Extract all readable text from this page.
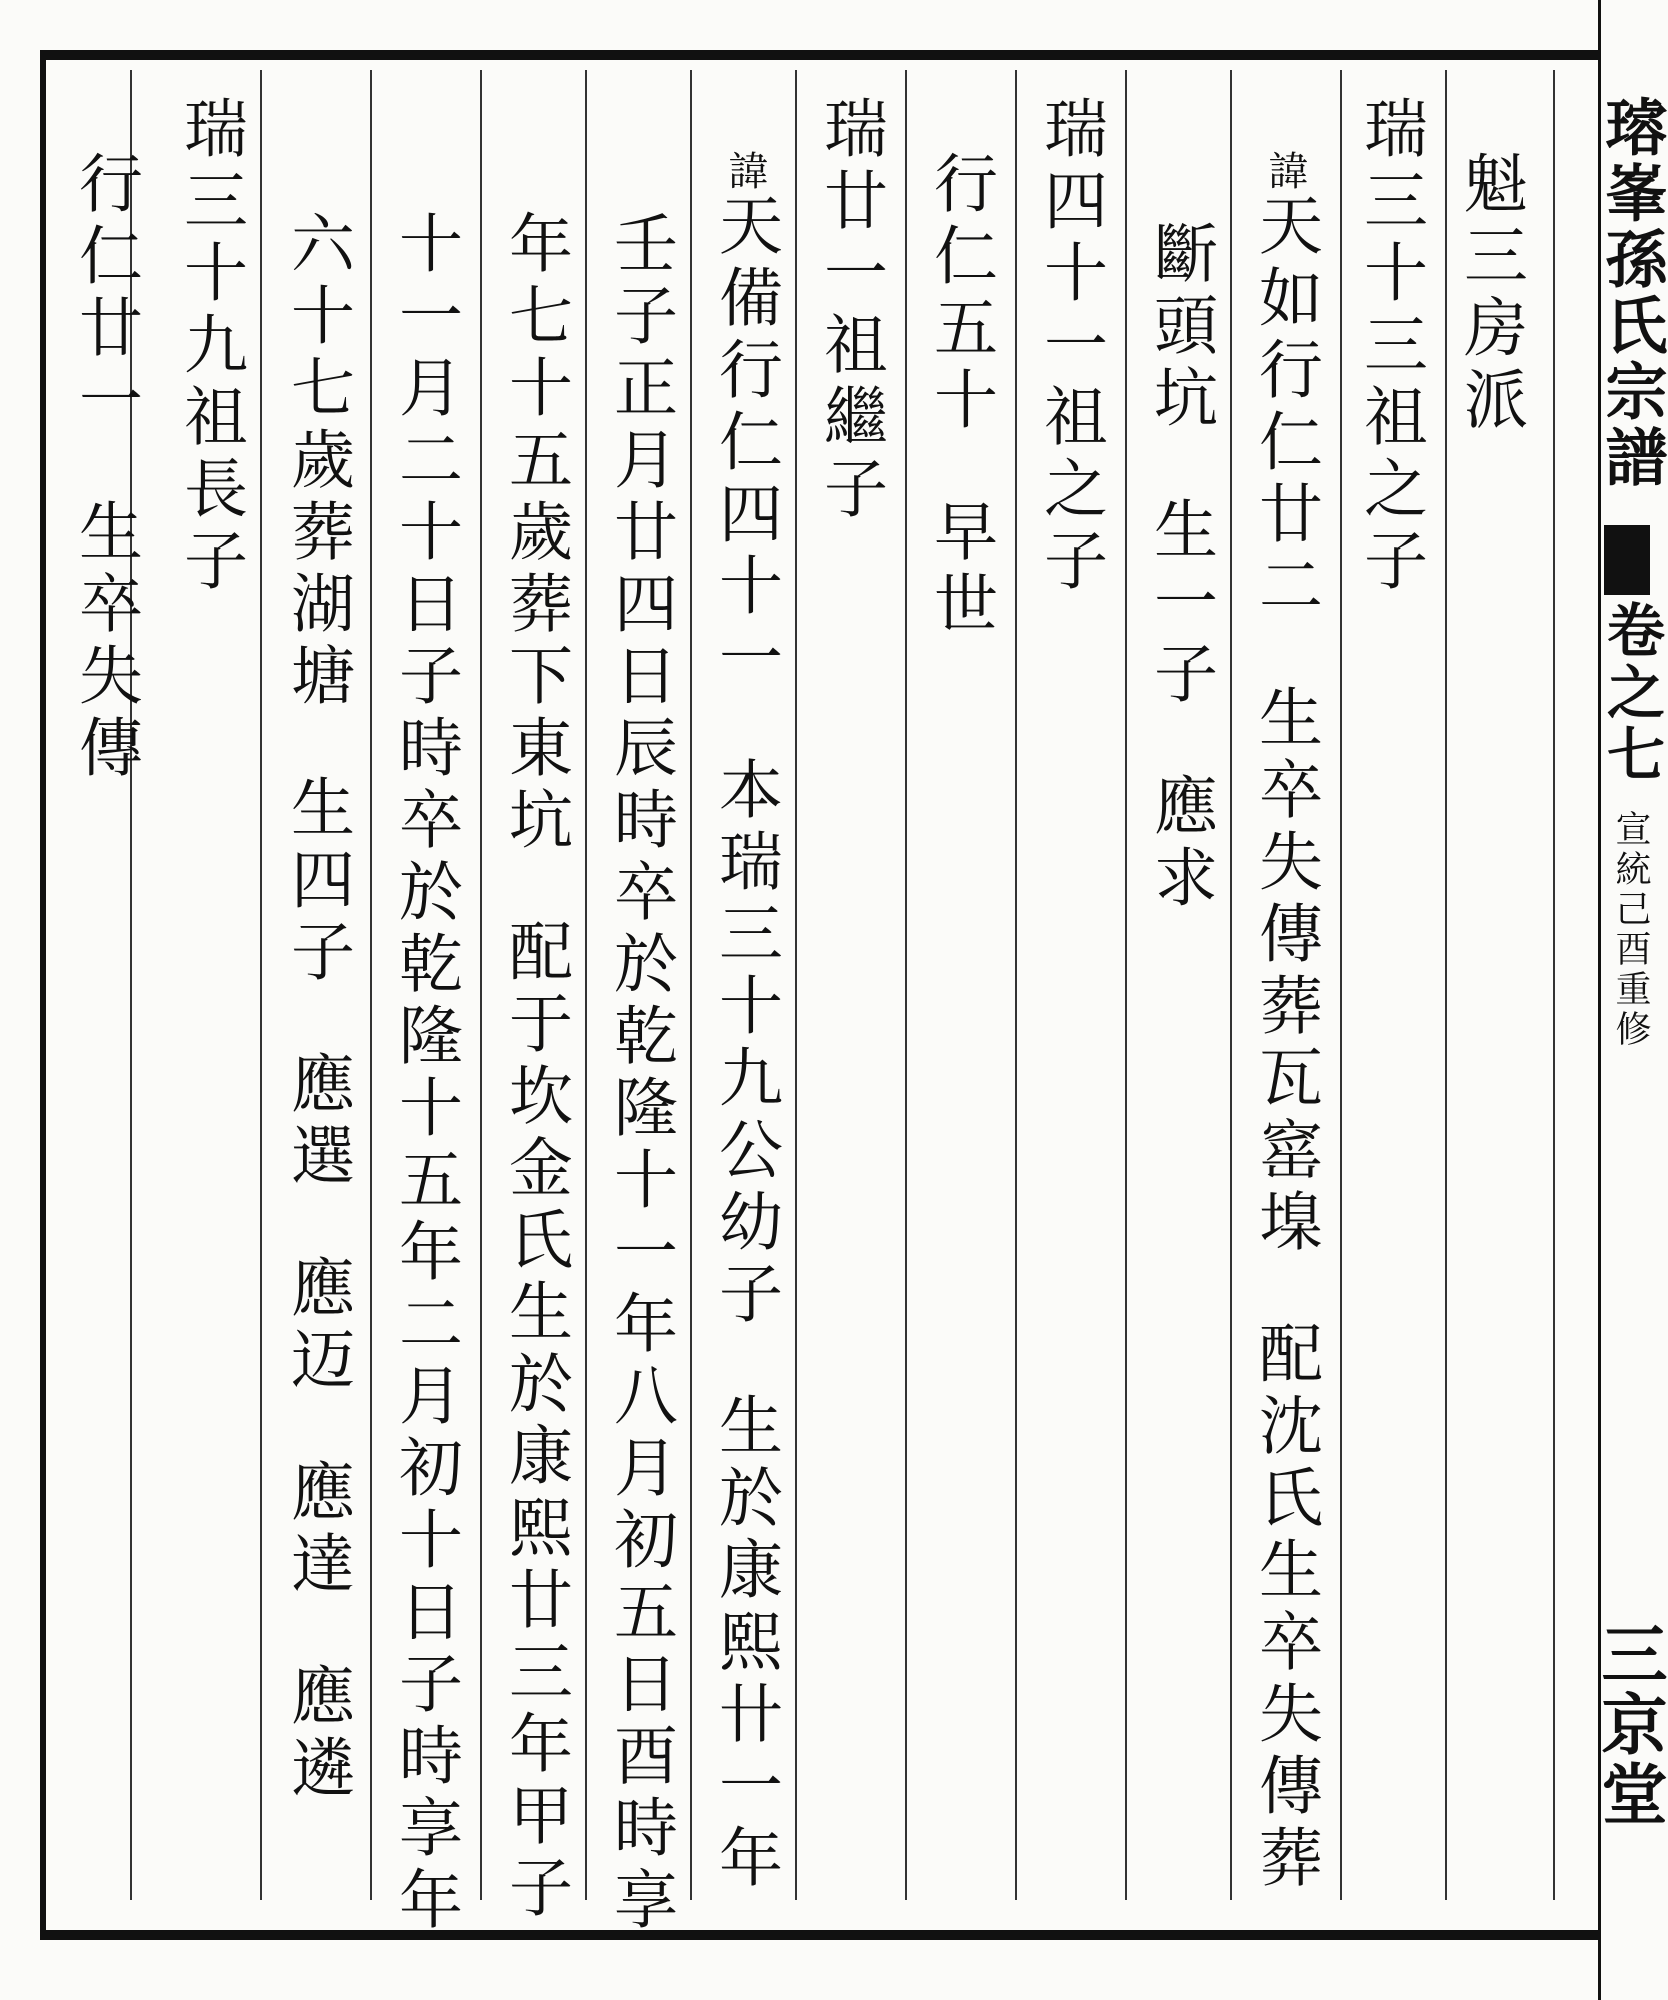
𤩅峯孫氏宗譜
卷之七
宣統己酉重修
三京堂
魁三房派
瑞三十三祖之子
諱天如行仁廿二生卒失傳葬瓦窰㙞配沈氏生卒失傳葬
斷頭坑生一子應求
瑞四十一祖之子
行仁五十早世
瑞廿一祖繼子
諱天備行仁四十一本瑞三十九公幼子生於康熙卄一年
壬子正月廿四日辰時卒於乾隆十一年八月初五日酉時享
年七十五歲葬下東坑配于坎金氏生於康熙廿三年甲子
十一月二十日子時卒於乾隆十五年二月初十日子時享年
六十七歲葬湖塘生四子應選應迈應達應遴
瑞三十九祖長子
行仁廿一生卒失傳
